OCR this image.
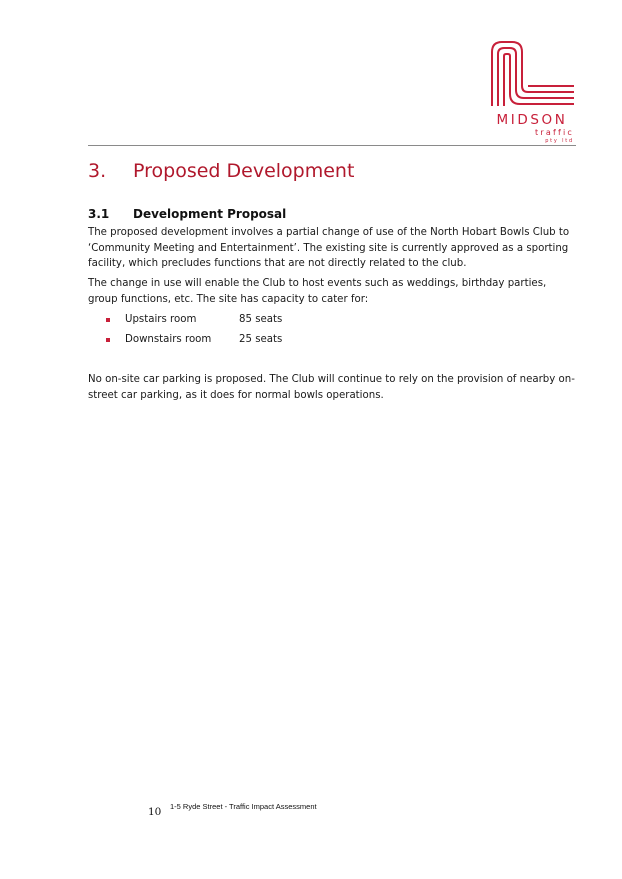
MIDSON
traffic
pty ltd
3. Proposed Development
3.1 Development Proposal

The proposed development involves a partial change of use of the North Hobart Bowls Club to ‘Community Meeting and Entertainment’. The existing site is currently approved as a sporting facility, which precludes functions that are not directly related to the club.

The change in use will enable the Club to host events such as weddings, birthday parties, group functions, etc. The site has capacity to cater for:

Upstairs room	85 seats
Downstairs room	25 seats

No on-site car parking is proposed. The Club will continue to rely on the provision of nearby on-street car parking, as it does for normal bowls operations.

10 1-5 Ryde Street - Traffic Impact Assessment
